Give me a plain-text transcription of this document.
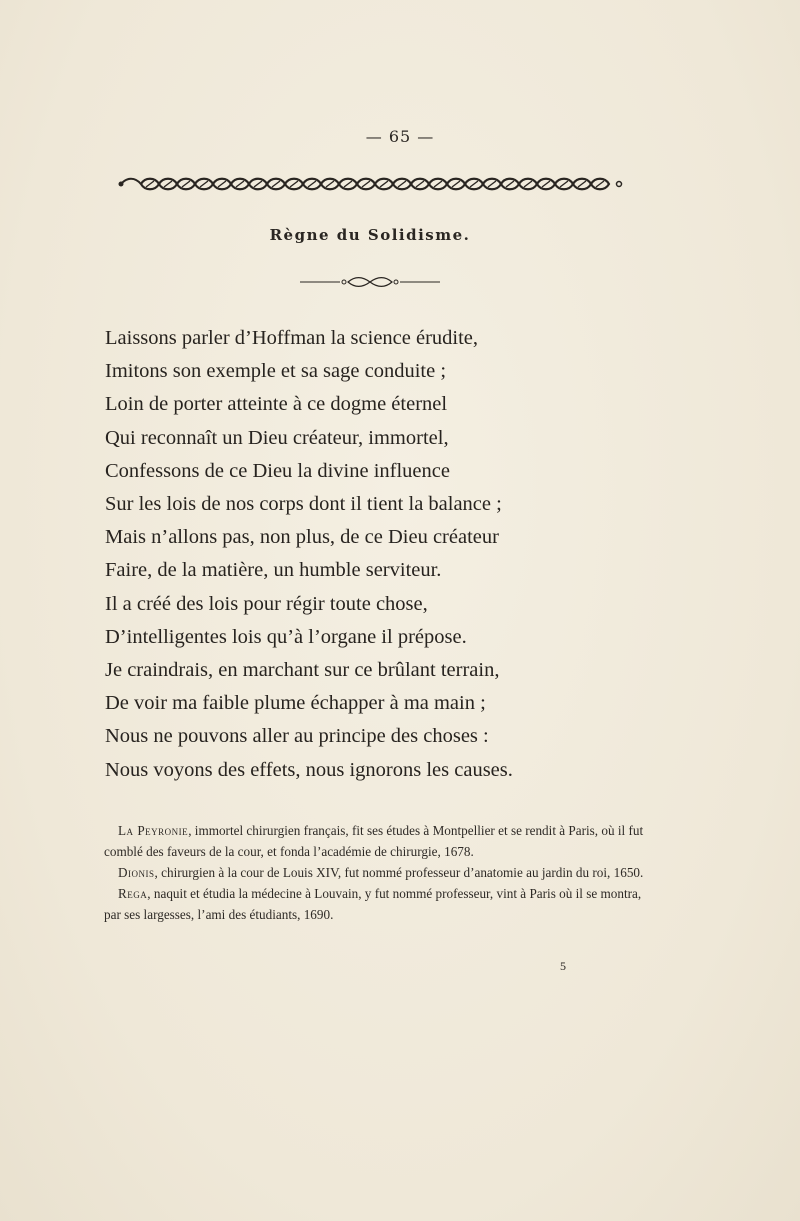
— 65 —
Règne du Solidisme.
Laissons parler d’Hoffman la science érudite,
Imitons son exemple et sa sage conduite ;
Loin de porter atteinte à ce dogme éternel
Qui reconnaît un Dieu créateur, immortel,
Confessons de ce Dieu la divine influence
Sur les lois de nos corps dont il tient la balance ;
Mais n’allons pas, non plus, de ce Dieu créateur
Faire, de la matière, un humble serviteur.
Il a créé des lois pour régir toute chose,
D’intelligentes lois qu’à l’organe il prépose.
Je craindrais, en marchant sur ce brûlant terrain,
De voir ma faible plume échapper à ma main ;
Nous ne pouvons aller au principe des choses :
Nous voyons des effets, nous ignorons les causes.

La Peyronie, immortel chirurgien français, fit ses études à Montpellier et se rendit à Paris, où il fut comblé des faveurs de la cour, et fonda l’académie de chirurgie, 1678.

Dionis, chirurgien à la cour de Louis XIV, fut nommé professeur d’anatomie au jardin du roi, 1650.

Rega, naquit et étudia la médecine à Louvain, y fut nommé professeur, vint à Paris où il se montra, par ses largesses, l’ami des étudiants, 1690.

5
